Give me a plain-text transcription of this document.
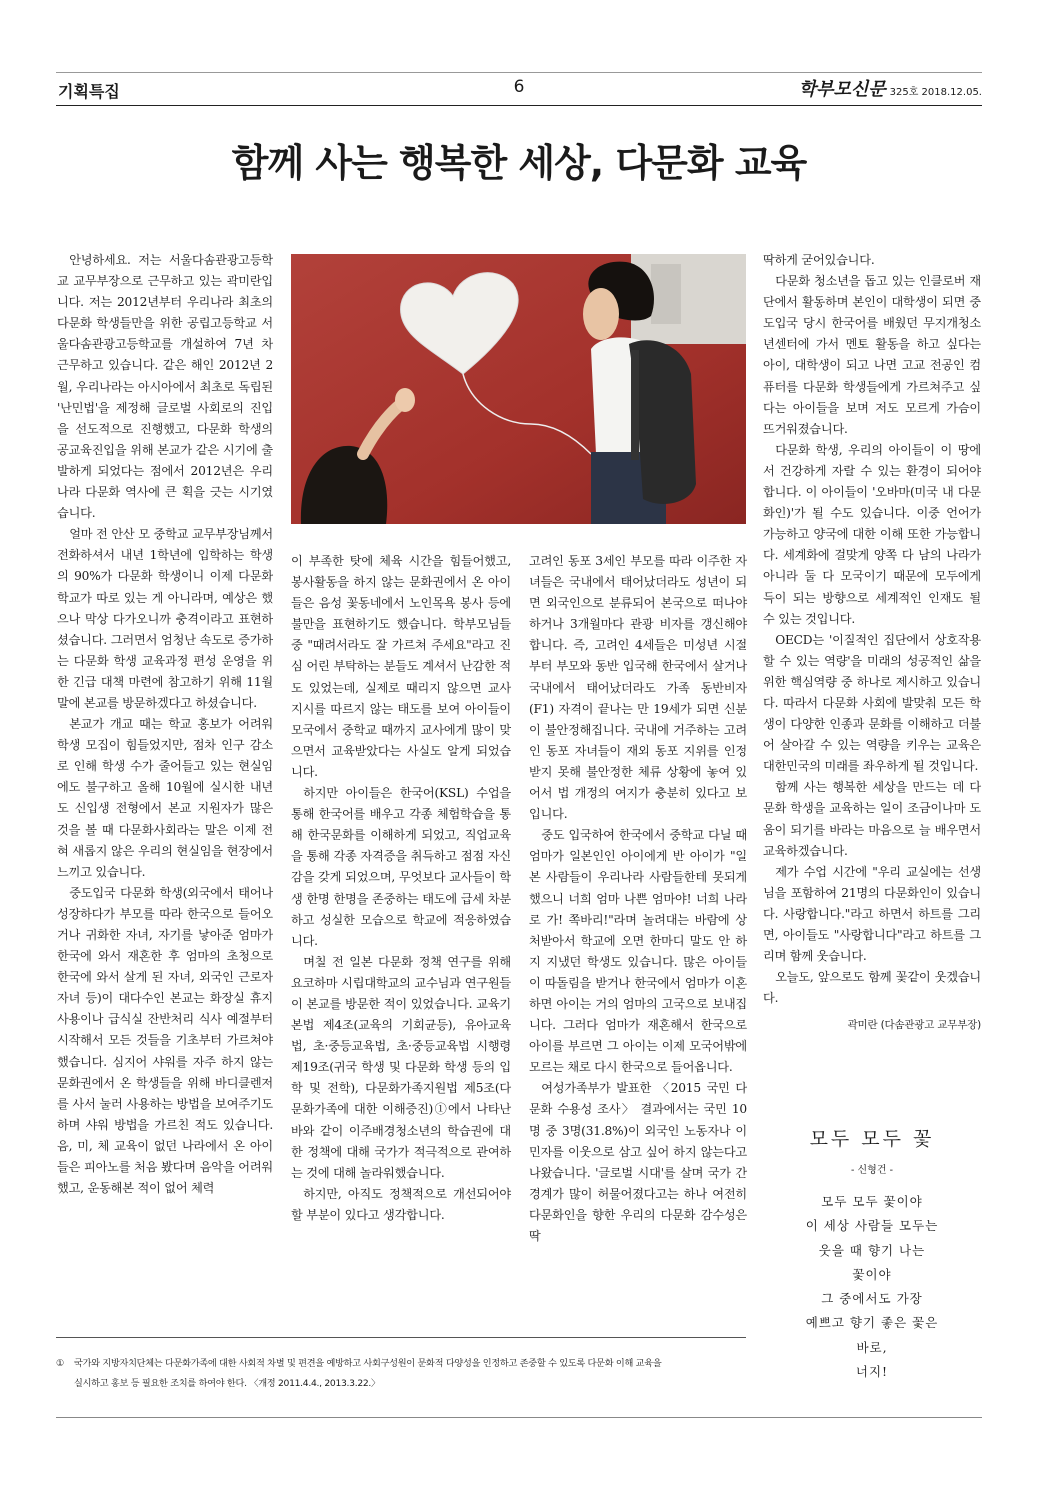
기획특집	6	학부모신문 325호 2018.12.05.
함께 사는 행복한 세상, 다문화 교육

안녕하세요. 저는 서울다솜관광고등학교 교무부장으로 근무하고 있는 곽미란입니다. 저는 2012년부터 우리나라 최초의 다문화 학생들만을 위한 공립고등학교 서울다솜관광고등학교를 개설하여 7년 차 근무하고 있습니다. 같은 해인 2012년 2월, 우리나라는 아시아에서 최초로 독립된 '난민법'을 제정해 글로벌 사회로의 진입을 선도적으로 진행했고, 다문화 학생의 공교육진입을 위해 본교가 같은 시기에 출발하게 되었다는 점에서 2012년은 우리나라 다문화 역사에 큰 획을 긋는 시기였습니다.

얼마 전 안산 모 중학교 교무부장님께서 전화하셔서 내년 1학년에 입학하는 학생의 90%가 다문화 학생이니 이제 다문화 학교가 따로 있는 게 아니라며, 예상은 했으나 막상 다가오니까 충격이라고 표현하셨습니다. 그러면서 엄청난 속도로 증가하는 다문화 학생 교육과정 편성 운영을 위한 긴급 대책 마련에 참고하기 위해 11월 말에 본교를 방문하겠다고 하셨습니다.

본교가 개교 때는 학교 홍보가 어려워 학생 모집이 힘들었지만, 점차 인구 감소로 인해 학생 수가 줄어들고 있는 현실임에도 불구하고 올해 10월에 실시한 내년도 신입생 전형에서 본교 지원자가 많은 것을 볼 때 다문화사회라는 말은 이제 전혀 새롭지 않은 우리의 현실임을 현장에서 느끼고 있습니다.

중도입국 다문화 학생(외국에서 태어나 성장하다가 부모를 따라 한국으로 들어오거나 귀화한 자녀, 자기를 낳아준 엄마가 한국에 와서 재혼한 후 엄마의 초청으로 한국에 와서 살게 된 자녀, 외국인 근로자 자녀 등)이 대다수인 본교는 화장실 휴지 사용이나 급식실 잔반처리 식사 예절부터 시작해서 모든 것들을 기초부터 가르쳐야 했습니다. 심지어 샤워를 자주 하지 않는 문화권에서 온 학생들을 위해 바디클렌저를 사서 눌러 사용하는 방법을 보여주기도 하며 샤워 방법을 가르친 적도 있습니다. 음, 미, 체 교육이 없던 나라에서 온 아이들은 피아노를 처음 봤다며 음악을 어려워했고, 운동해본 적이 없어 체력

이 부족한 탓에 체육 시간을 힘들어했고, 봉사활동을 하지 않는 문화권에서 온 아이들은 음성 꽃동네에서 노인목욕 봉사 등에 불만을 표현하기도 했습니다. 학부모님들 중 "때려서라도 잘 가르쳐 주세요"라고 진심 어린 부탁하는 분들도 계셔서 난감한 적도 있었는데, 실제로 때리지 않으면 교사 지시를 따르지 않는 태도를 보여 아이들이 모국에서 중학교 때까지 교사에게 많이 맞으면서 교육받았다는 사실도 알게 되었습니다.

하지만 아이들은 한국어(KSL) 수업을 통해 한국어를 배우고 각종 체험학습을 통해 한국문화를 이해하게 되었고, 직업교육을 통해 각종 자격증을 취득하고 점점 자신감을 갖게 되었으며, 무엇보다 교사들이 학생 한명 한명을 존중하는 태도에 급세 차분하고 성실한 모습으로 학교에 적응하였습니다.

며칠 전 일본 다문화 정책 연구를 위해 요코하마 시립대학교의 교수님과 연구원들이 본교를 방문한 적이 있었습니다. 교육기본법 제4조(교육의 기회균등), 유아교육법, 초·중등교육법, 초·중등교육법 시행령 제19조(귀국 학생 및 다문화 학생 등의 입학 및 전학), 다문화가족지원법 제5조(다문화가족에 대한 이해증진)①에서 나타난 바와 같이 이주배경청소년의 학습권에 대한 정책에 대해 국가가 적극적으로 관여하는 것에 대해 놀라워했습니다.

하지만, 아직도 정책적으로 개선되어야 할 부분이 있다고 생각합니다.

고려인 동포 3세인 부모를 따라 이주한 자녀들은 국내에서 태어났더라도 성년이 되면 외국인으로 분류되어 본국으로 떠나야 하거나 3개월마다 관광 비자를 갱신해야 합니다. 즉, 고려인 4세들은 미성년 시절부터 부모와 동반 입국해 한국에서 살거나 국내에서 태어났더라도 가족 동반비자(F1) 자격이 끝나는 만 19세가 되면 신분이 불안정해집니다. 국내에 거주하는 고려인 동포 자녀들이 재외 동포 지위를 인정받지 못해 불안정한 체류 상황에 놓여 있어서 법 개정의 여지가 충분히 있다고 보입니다.

중도 입국하여 한국에서 중학교 다닐 때 엄마가 일본인인 아이에게 반 아이가 "일본 사람들이 우리나라 사람들한테 못되게 했으니 너희 엄마 나쁜 엄마야! 너희 나라로 가! 쪽바리!"라며 놀려대는 바람에 상처받아서 학교에 오면 한마디 말도 안 하지 지냈던 학생도 있습니다. 많은 아이들이 따돌림을 받거나 한국에서 엄마가 이혼하면 아이는 거의 엄마의 고국으로 보내집니다. 그러다 엄마가 재혼해서 한국으로 아이를 부르면 그 아이는 이제 모국어밖에 모르는 채로 다시 한국으로 들어옵니다.

여성가족부가 발표한 〈2015 국민 다문화 수용성 조사〉 결과에서는 국민 10명 중 3명(31.8%)이 외국인 노동자나 이민자를 이웃으로 삼고 싶어 하지 않는다고 나왔습니다. '글로벌 시대'를 살며 국가 간 경계가 많이 허물어졌다고는 하나 여전히 다문화인을 향한 우리의 다문화 감수성은 딱

딱하게 굳어있습니다.

다문화 청소년을 돕고 있는 인클로버 재단에서 활동하며 본인이 대학생이 되면 중도입국 당시 한국어를 배웠던 무지개청소년센터에 가서 멘토 활동을 하고 싶다는 아이, 대학생이 되고 나면 고교 전공인 컴퓨터를 다문화 학생들에게 가르쳐주고 싶다는 아이들을 보며 저도 모르게 가슴이 뜨거워졌습니다.

다문화 학생, 우리의 아이들이 이 땅에서 건강하게 자랄 수 있는 환경이 되어야 합니다. 이 아이들이 '오바마(미국 내 다문화인)'가 될 수도 있습니다. 이중 언어가 가능하고 양국에 대한 이해 또한 가능합니다. 세계화에 걸맞게 양쪽 다 남의 나라가 아니라 둘 다 모국이기 때문에 모두에게 득이 되는 방향으로 세계적인 인재도 될 수 있는 것입니다.

OECD는 '이질적인 집단에서 상호작용할 수 있는 역량'을 미래의 성공적인 삶을 위한 핵심역량 중 하나로 제시하고 있습니다. 따라서 다문화 사회에 발맞춰 모든 학생이 다양한 인종과 문화를 이해하고 더불어 살아갈 수 있는 역량을 키우는 교육은 대한민국의 미래를 좌우하게 될 것입니다.

함께 사는 행복한 세상을 만드는 데 다문화 학생을 교육하는 일이 조금이나마 도움이 되기를 바라는 마음으로 늘 배우면서 교육하겠습니다.

제가 수업 시간에 "우리 교실에는 선생님을 포함하여 21명의 다문화인이 있습니다. 사랑합니다."라고 하면서 하트를 그리면, 아이들도 "사랑합니다"라고 하트를 그리며 함께 웃습니다.

오늘도, 앞으로도 함께 꽃같이 웃겠습니다.

곽미란 (다솜관광고 교무부장)
모두 모두 꽃
- 신형건 -
모두 모두 꽃이야
이 세상 사람들 모두는
웃을 때 향기 나는
꽃이야
그 중에서도 가장
예쁘고 향기 좋은 꽃은
바로,
너지!
① 국가와 지방자치단체는 다문화가족에 대한 사회적 차별 및 편견을 예방하고 사회구성원이 문화적 다양성을 인정하고 존중할 수 있도록 다문화 이해 교육을
실시하고 홍보 등 필요한 조치를 하여야 한다. 〈개정 2011.4.4., 2013.3.22.〉
